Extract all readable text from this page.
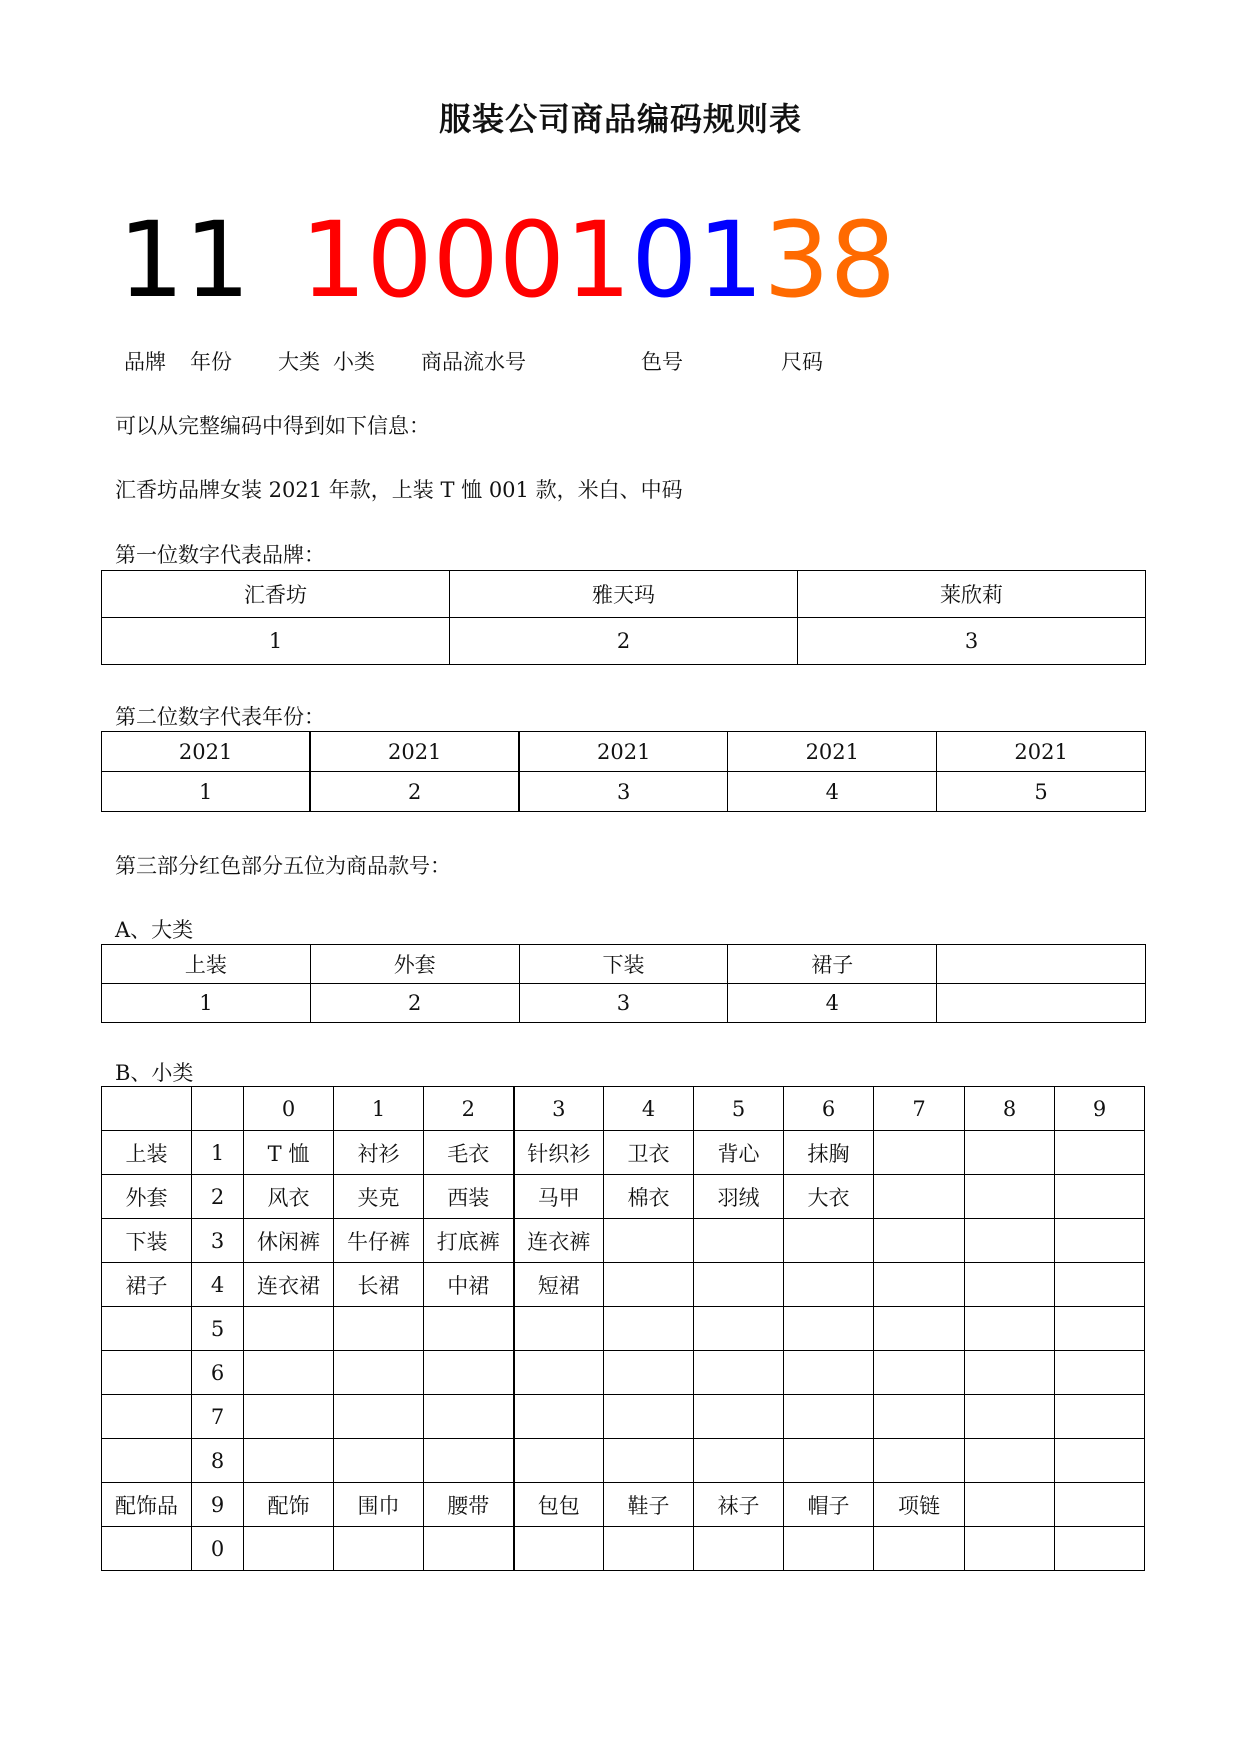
服装公司商品编码规则表
11 100010138
品牌 年份 大类 小类 商品流水号	色号	尺码
可以从完整编码中得到如下信息：
汇香坊品牌女装 2021 年款，上装 T 恤 001 款，米白、中码
第一位数字代表品牌：
汇香坊	雅天玛	莱欣莉
1	2	3
第二位数字代表年份：
2021	2021	2021	2021	2021
1	2	3	4	5
第三部分红色部分五位为商品款号：
A、大类
上装	外套	下装	裙子	
1	2	3	4	
B、小类
		0	1	2	3	4	5	6	7	8	9
上装	1	T 恤	衬衫	毛衣	针织衫	卫衣	背心	抹胸			
外套	2	风衣	夹克	西装	马甲	棉衣	羽绒	大衣			
下装	3	休闲裤	牛仔裤	打底裤	连衣裤						
裙子	4	连衣裙	长裙	中裙	短裙						
	5										
	6										
	7										
	8										
配饰品	9	配饰	围巾	腰带	包包	鞋子	袜子	帽子	项链		
	0										
